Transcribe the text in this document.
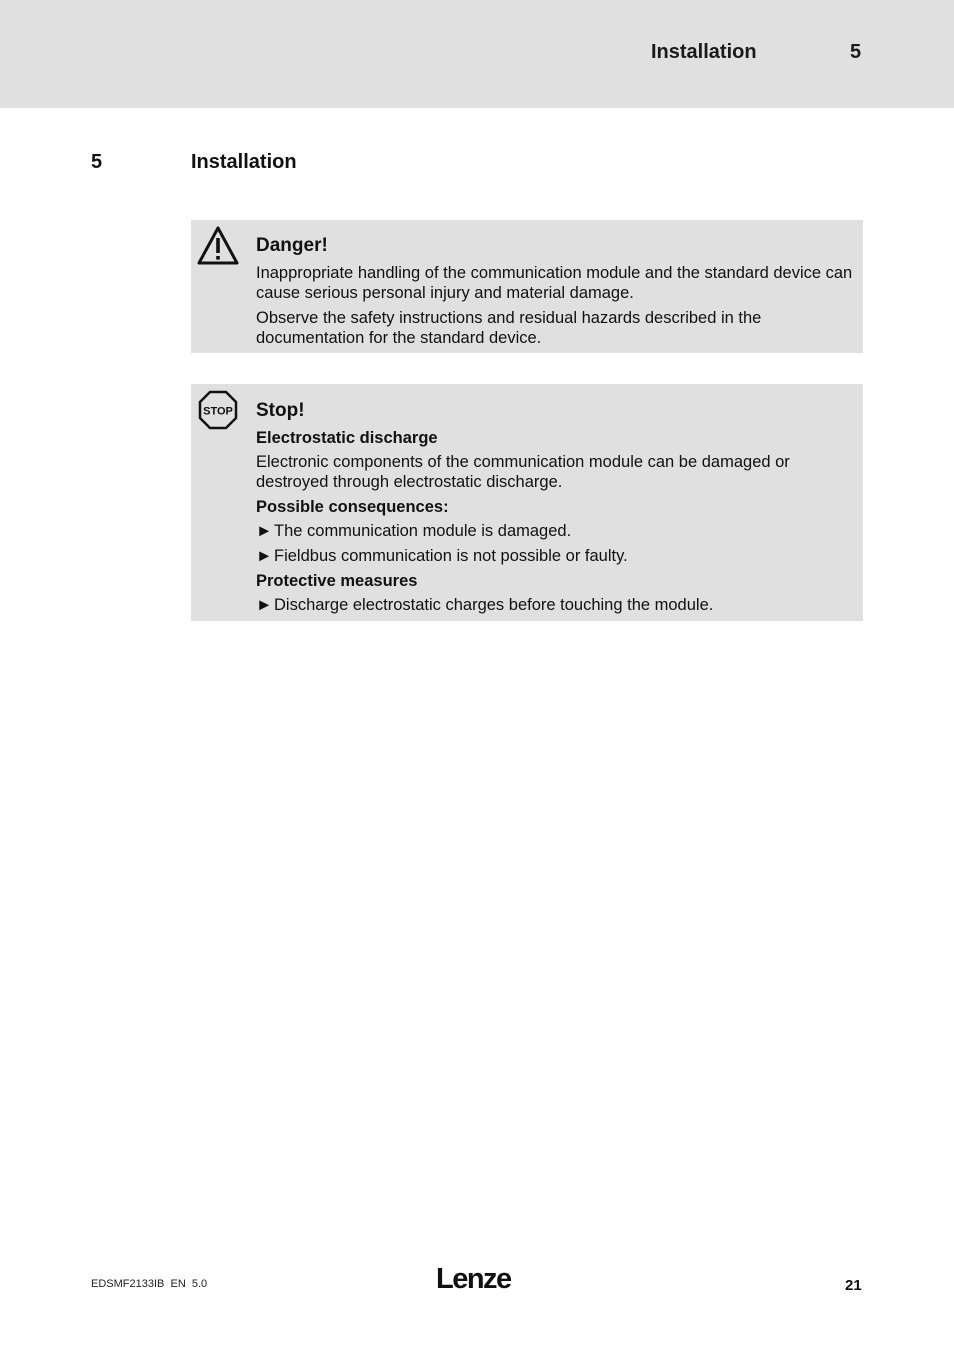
Installation	5
5	Installation
Danger!
Inappropriate handling of the communication module and the standard device can cause serious personal injury and material damage.
Observe the safety instructions and residual hazards described in the documentation for the standard device.
STOP Stop!
Electrostatic discharge
Electronic components of the communication module can be damaged or destroyed through electrostatic discharge.
Possible consequences:
► The communication module is damaged.
► Fieldbus communication is not possible or faulty.
Protective measures
► Discharge electrostatic charges before touching the module.
EDSMF2133IB  EN  5.0	Lenze	21
